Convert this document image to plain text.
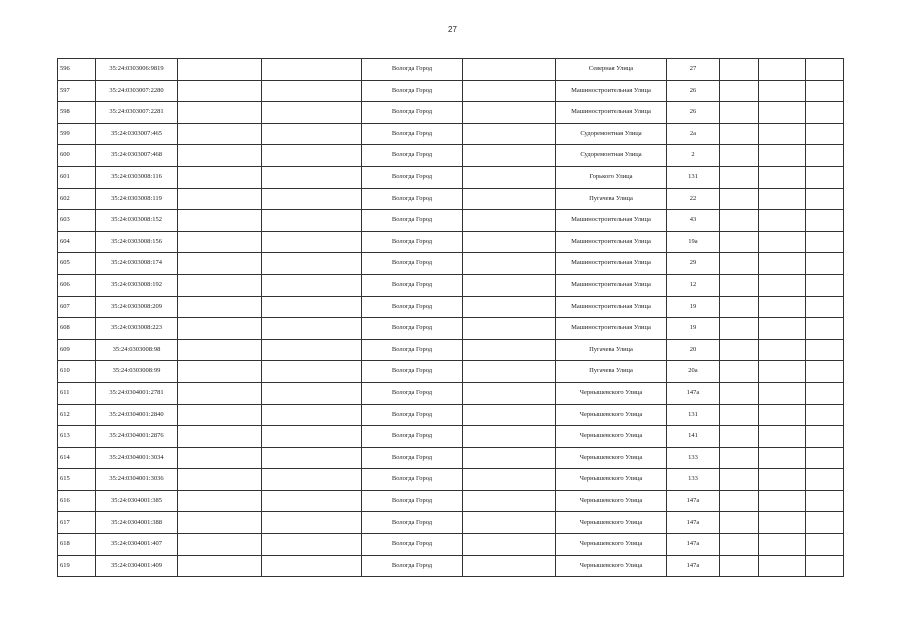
27
596	35:24:0303006:9819			Вологда Город		Северная Улица	27			
597	35:24:0303007:2280			Вологда Город		Машиностроительная Улица	26			
598	35:24:0303007:2281			Вологда Город		Машиностроительная Улица	26			
599	35:24:0303007:465			Вологда Город		Судоремонтная Улица	2а			
600	35:24:0303007:468			Вологда Город		Судоремонтная Улица	2			
601	35:24:0303008:116			Вологда Город		Горького Улица	131			
602	35:24:0303008:119			Вологда Город		Пугачева Улица	22			
603	35:24:0303008:152			Вологда Город		Машиностроительная Улица	43			
604	35:24:0303008:156			Вологда Город		Машиностроительная Улица	19а			
605	35:24:0303008:174			Вологда Город		Машиностроительная Улица	29			
606	35:24:0303008:192			Вологда Город		Машиностроительная Улица	12			
607	35:24:0303008:209			Вологда Город		Машиностроительная Улица	19			
608	35:24:0303008:223			Вологда Город		Машиностроительная Улица	19			
609	35:24:0303008:98			Вологда Город		Пугачева Улица	20			
610	35:24:0303008:99			Вологда Город		Пугачева Улица	20а			
611	35:24:0304001:2781			Вологда Город		Чернышевского Улица	147а			
612	35:24:0304001:2840			Вологда Город		Чернышевского Улица	131			
613	35:24:0304001:2876			Вологда Город		Чернышевского Улица	141			
614	35:24:0304001:3034			Вологда Город		Чернышевского Улица	133			
615	35:24:0304001:3036			Вологда Город		Чернышевского Улица	133			
616	35:24:0304001:385			Вологда Город		Чернышевского Улица	147а			
617	35:24:0304001:388			Вологда Город		Чернышевского Улица	147а			
618	35:24:0304001:407			Вологда Город		Чернышевского Улица	147а			
619	35:24:0304001:409			Вологда Город		Чернышевского Улица	147а			
